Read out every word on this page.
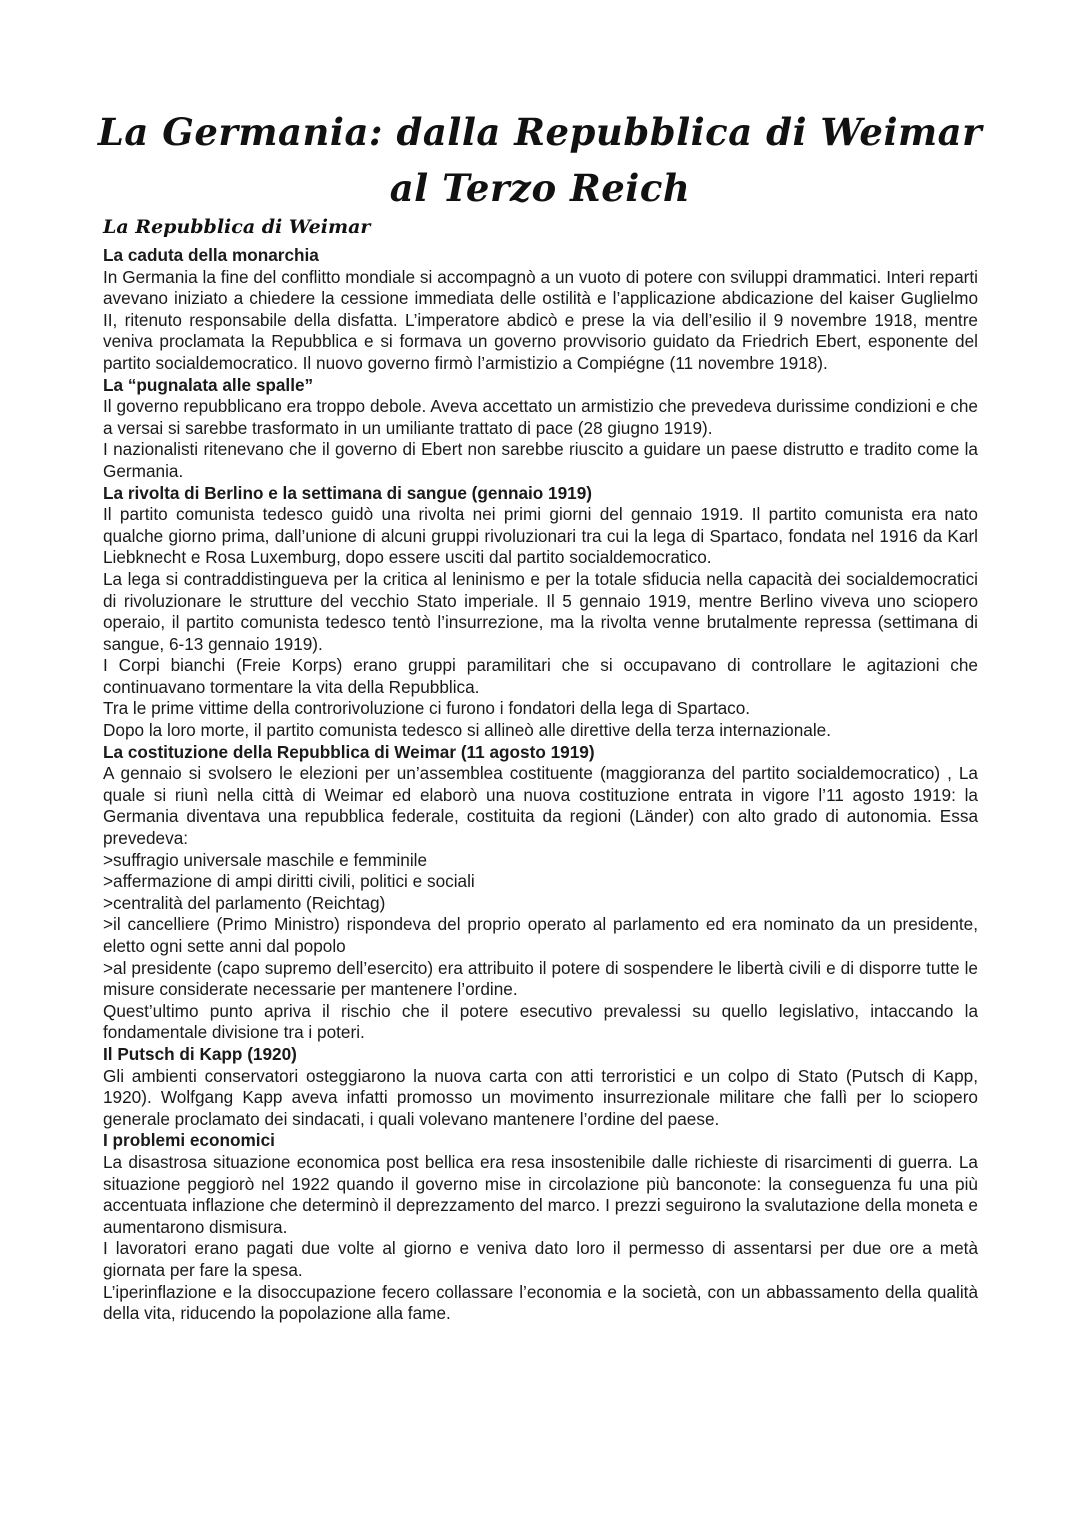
La Germania: dalla Repubblica di Weimar
al Terzo Reich
La Repubblica di Weimar

La caduta della monarchia

In Germania la fine del conflitto mondiale si accompagnò a un vuoto di potere con sviluppi drammatici. Interi reparti avevano iniziato a chiedere la cessione immediata delle ostilità e l’applicazione abdicazione del kaiser Guglielmo II, ritenuto responsabile della disfatta. L’imperatore abdicò e prese la via dell’esilio il 9 novembre 1918, mentre veniva proclamata la Repubblica e si formava un governo provvisorio guidato da Friedrich Ebert, esponente del partito socialdemocratico. Il nuovo governo firmò l’armistizio a Compiégne (11 novembre 1918).

La “pugnalata alle spalle”

Il governo repubblicano era troppo debole. Aveva accettato un armistizio che prevedeva durissime condizioni e che a versai si sarebbe trasformato in un umiliante trattato di pace (28 giugno 1919).

I nazionalisti ritenevano che il governo di Ebert non sarebbe riuscito a guidare un paese distrutto e tradito come la Germania.

La rivolta di Berlino e la settimana di sangue (gennaio 1919)

Il partito comunista tedesco guidò una rivolta nei primi giorni del gennaio 1919. Il partito comunista era nato qualche giorno prima, dall’unione di alcuni gruppi rivoluzionari tra cui la lega di Spartaco, fondata nel 1916 da Karl Liebknecht e Rosa Luxemburg, dopo essere usciti dal partito socialdemocratico.

La lega si contraddistingueva per la critica al leninismo e per la totale sfiducia nella capacità dei socialdemocratici di rivoluzionare le strutture del vecchio Stato imperiale. Il 5 gennaio 1919, mentre Berlino viveva uno sciopero operaio, il partito comunista tedesco tentò l’insurrezione, ma la rivolta venne brutalmente repressa (settimana di sangue, 6-13 gennaio 1919).

I Corpi bianchi (Freie Korps) erano gruppi paramilitari che si occupavano di controllare le agitazioni che continuavano tormentare la vita della Repubblica.

Tra le prime vittime della controrivoluzione ci furono i fondatori della lega di Spartaco.

Dopo la loro morte, il partito comunista tedesco si allineò alle direttive della terza internazionale.

La costituzione della Repubblica di Weimar (11 agosto 1919)

A gennaio si svolsero le elezioni per un’assemblea costituente (maggioranza del partito socialdemocratico) , La quale si riunì nella città di Weimar ed elaborò una nuova costituzione entrata in vigore l’11 agosto 1919: la Germania diventava una repubblica federale, costituita da regioni (Länder) con alto grado di autonomia. Essa prevedeva:

>suffragio universale maschile e femminile

>affermazione di ampi diritti civili, politici e sociali

>centralità del parlamento (Reichtag)

>il cancelliere (Primo Ministro) rispondeva del proprio operato al parlamento ed era nominato da un presidente, eletto ogni sette anni dal popolo

>al presidente (capo supremo dell’esercito) era attribuito il potere di sospendere le libertà civili e di disporre tutte le misure considerate necessarie per mantenere l’ordine.

Quest’ultimo punto apriva il rischio che il potere esecutivo prevalessi su quello legislativo, intaccando la fondamentale divisione tra i poteri.

Il Putsch di Kapp (1920)

Gli ambienti conservatori osteggiarono la nuova carta con atti terroristici e un colpo di Stato (Putsch di Kapp, 1920). Wolfgang Kapp aveva infatti promosso un movimento insurrezionale militare che fallì per lo sciopero generale proclamato dei sindacati, i quali volevano mantenere l’ordine del paese.

I problemi economici

La disastrosa situazione economica post bellica era resa insostenibile dalle richieste di risarcimenti di guerra. La situazione peggiorò nel 1922 quando il governo mise in circolazione più banconote: la conseguenza fu una più accentuata inflazione che determinò il deprezzamento del marco. I prezzi seguirono la svalutazione della moneta e aumentarono dismisura.

I lavoratori erano pagati due volte al giorno e veniva dato loro il permesso di assentarsi per due ore a metà giornata per fare la spesa.

L’iperinflazione e la disoccupazione fecero collassare l’economia e la società, con un abbassamento della qualità della vita, riducendo la popolazione alla fame.
